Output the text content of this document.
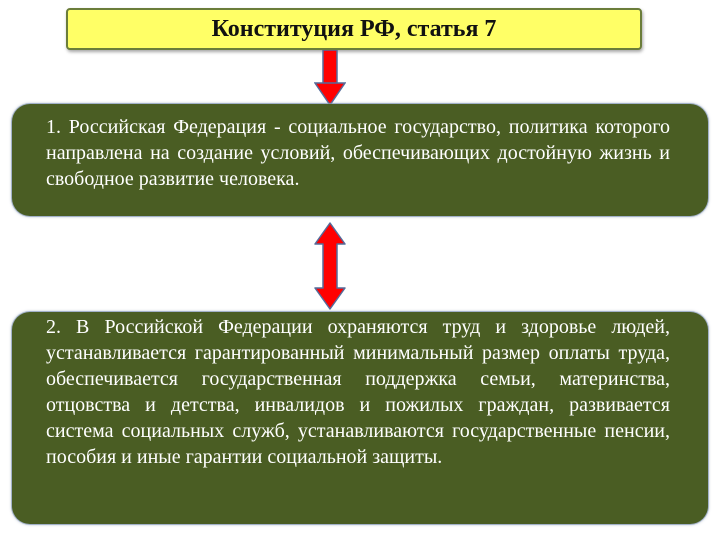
Конституция РФ, статья 7

1. Российская Федерация - социальное государство, политика которого направлена на создание условий, обеспечивающих достойную жизнь и свободное развитие человека.

2. В Российской Федерации охраняются труд и здоровье людей, устанавливается гарантированный минимальный размер оплаты труда, обеспечивается государственная поддержка семьи, материнства, отцовства и детства, инвалидов и пожилых граждан, развивается система социальных служб, устанавливаются государственные пенсии, пособия и иные гарантии социальной защиты.
